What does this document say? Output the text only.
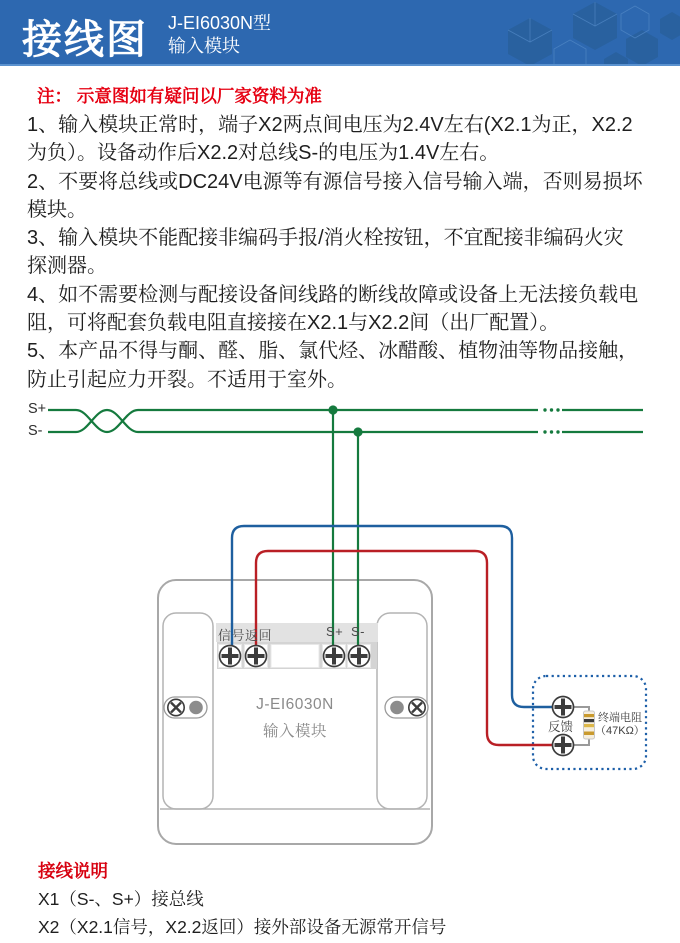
接线图 J-EI6030N型
输入模块
注： 示意图如有疑问以厂家资料为准

1、输入模块正常时，端子X2两点间电压为2.4V左右(X2.1为正，X2.2为负）。设备动作后X2.2对总线S-的电压为1.4V左右。

2、不要将总线或DC24V电源等有源信号接入信号输入端，否则易损坏模块。

3、输入模块不能配接非编码手报/消火栓按钮，不宜配接非编码火灾探测器。

4、如不需要检测与配接设备间线路的断线故障或设备上无法接负载电阻，可将配套负载电阻直接接在X2.1与X2.2间（出厂配置）。

5、本产品不得与酮、醛、脂、氯代烃、冰醋酸、植物油等物品接触，防止引起应力开裂。不适用于室外。

S+
S-
信号返回	S+ S-
J-EI6030N
输入模块	反馈
终端电阻
（47KΩ）
接线说明
X1（S-、S+）接总线
X2（X2.1信号，X2.2返回）接外部设备无源常开信号
